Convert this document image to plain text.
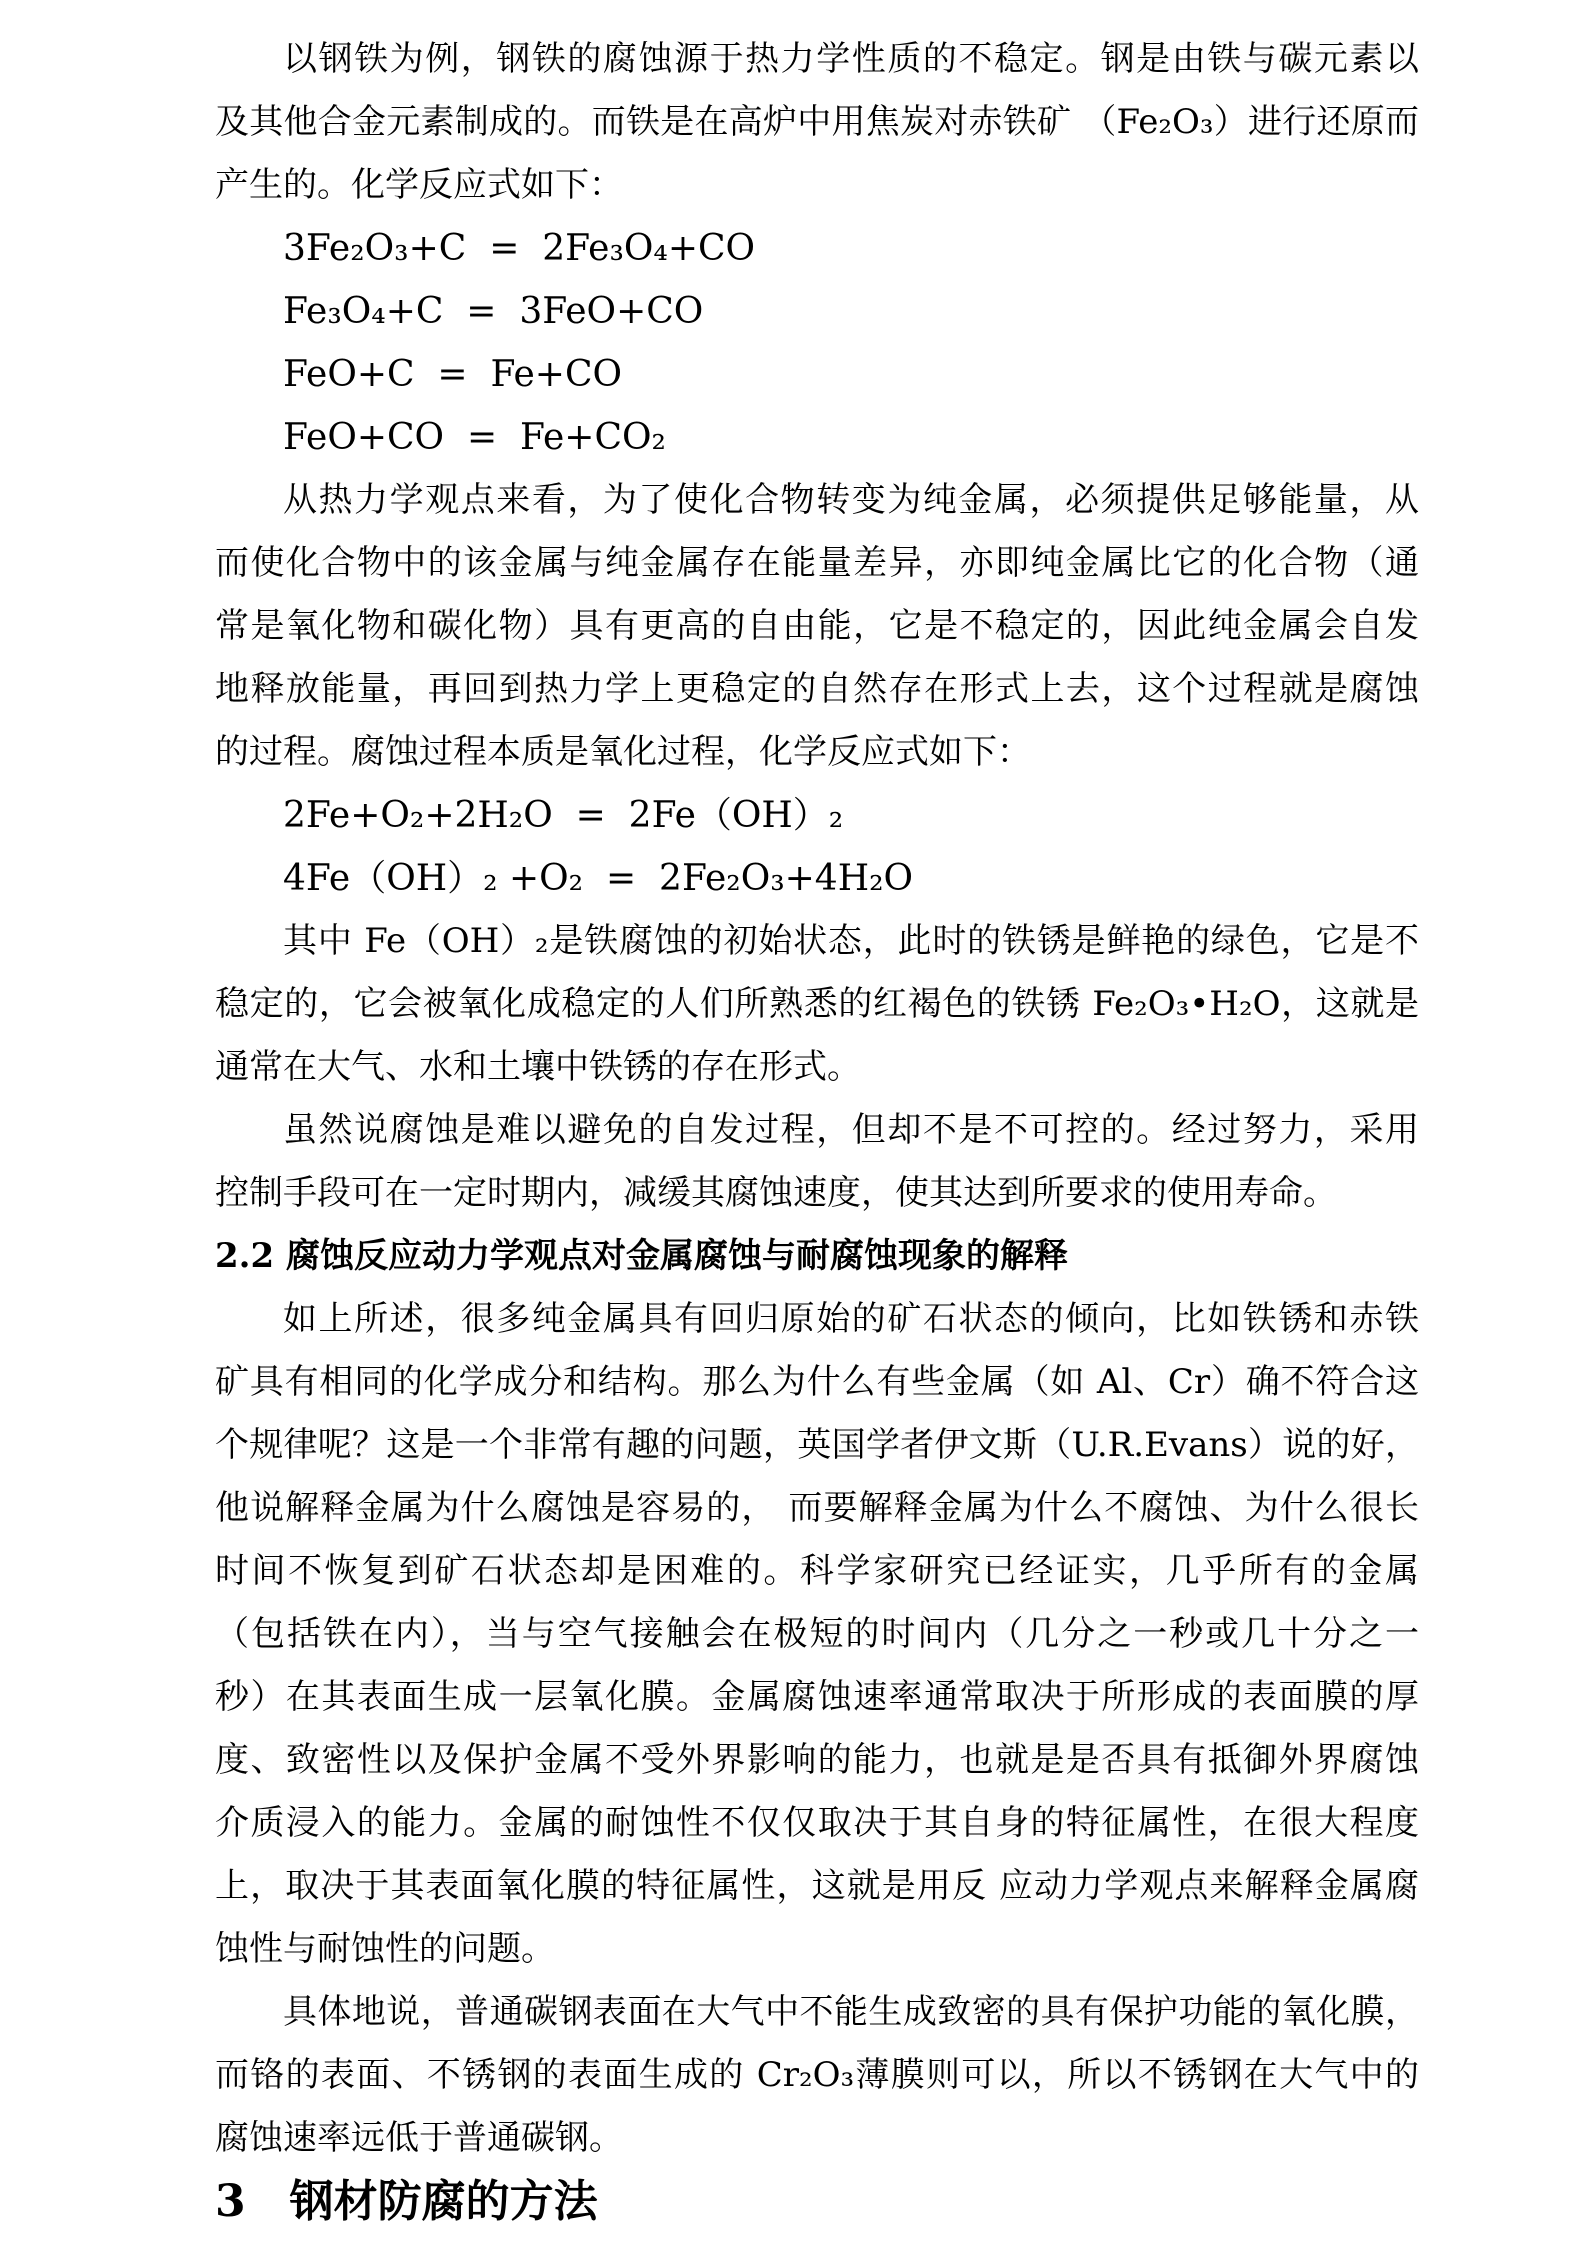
以钢铁为例，钢铁的腐蚀源于热力学性质的不稳定。钢是由铁与碳元素以
及其他合金元素制成的。而铁是在高炉中用焦炭对赤铁矿 （Fe₂O₃）进行还原而
产生的。化学反应式如下：
3Fe₂O₃+C  =  2Fe₃O₄+CO
Fe₃O₄+C  =  3FeO+CO
FeO+C  =  Fe+CO
FeO+CO  =  Fe+CO₂
从热力学观点来看，为了使化合物转变为纯金属，必须提供足够能量，从
而使化合物中的该金属与纯金属存在能量差异，亦即纯金属比它的化合物（通
常是氧化物和碳化物）具有更高的自由能，它是不稳定的，因此纯金属会自发
地释放能量，再回到热力学上更稳定的自然存在形式上去，这个过程就是腐蚀
的过程。腐蚀过程本质是氧化过程，化学反应式如下：
2Fe+O₂+2H₂O  =  2Fe（OH）₂
4Fe（OH）₂ +O₂  =  2Fe₂O₃+4H₂O
其中 Fe（OH）₂是铁腐蚀的初始状态，此时的铁锈是鲜艳的绿色，它是不
稳定的，它会被氧化成稳定的人们所熟悉的红褐色的铁锈 Fe₂O₃•H₂O，这就是
通常在大气、水和土壤中铁锈的存在形式。
虽然说腐蚀是难以避免的自发过程，但却不是不可控的。经过努力，采用
控制手段可在一定时期内，减缓其腐蚀速度，使其达到所要求的使用寿命。
2.2 腐蚀反应动力学观点对金属腐蚀与耐腐蚀现象的解释
如上所述，很多纯金属具有回归原始的矿石状态的倾向，比如铁锈和赤铁
矿具有相同的化学成分和结构。那么为什么有些金属（如 Al、Cr）确不符合这
个规律呢？这是一个非常有趣的问题，英国学者伊文斯（U.R.Evans）说的好，
他说解释金属为什么腐蚀是容易的， 而要解释金属为什么不腐蚀、为什么很长
时间不恢复到矿石状态却是困难的。科学家研究已经证实，几乎所有的金属
（包括铁在内），当与空气接触会在极短的时间内（几分之一秒或几十分之一
秒）在其表面生成一层氧化膜。金属腐蚀速率通常取决于所形成的表面膜的厚
度、致密性以及保护金属不受外界影响的能力，也就是是否具有抵御外界腐蚀
介质浸入的能力。金属的耐蚀性不仅仅取决于其自身的特征属性，在很大程度
上，取决于其表面氧化膜的特征属性，这就是用反 应动力学观点来解释金属腐
蚀性与耐蚀性的问题。
具体地说，普通碳钢表面在大气中不能生成致密的具有保护功能的氧化膜，
而铬的表面、不锈钢的表面生成的 Cr₂O₃薄膜则可以，所以不锈钢在大气中的
腐蚀速率远低于普通碳钢。
3　钢材防腐的方法
